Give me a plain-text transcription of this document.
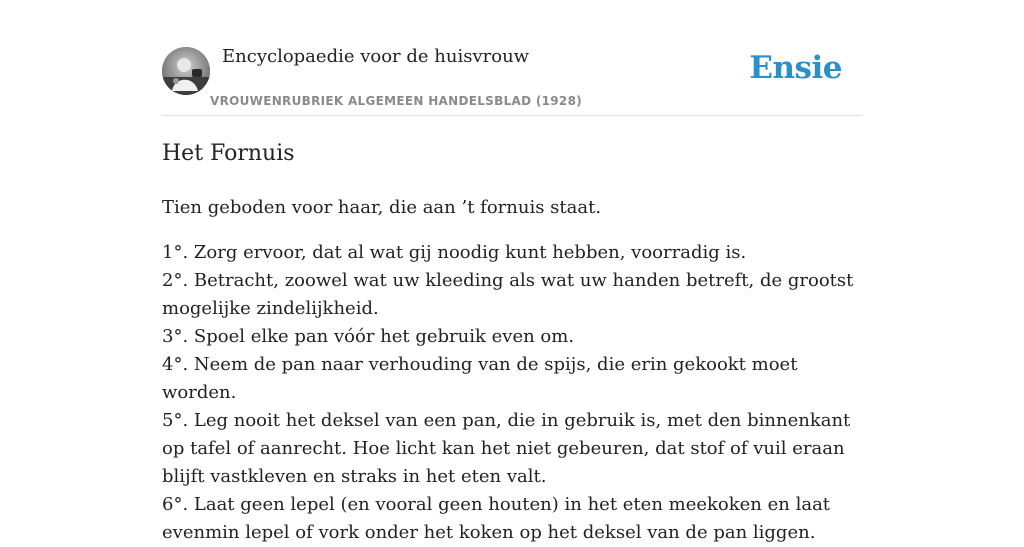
Encyclopaedie voor de huisvrouw
VROUWENRUBRIEK ALGEMEEN HANDELSBLAD (1928)
Ensie
Het Fornuis

Tien geboden voor haar, die aan ’t fornuis staat.

1°. Zorg ervoor, dat al wat gij noodig kunt hebben, voorradig is.
2°. Betracht, zoowel wat uw kleeding als wat uw handen betreft, de grootst mogelijke zindelijkheid.
3°. Spoel elke pan vóór het gebruik even om.
4°. Neem de pan naar verhouding van de spijs, die erin gekookt moet worden.
5°. Leg nooit het deksel van een pan, die in gebruik is, met den binnenkant op tafel of aanrecht. Hoe licht kan het niet gebeuren, dat stof of vuil eraan blijft vastkleven en straks in het eten valt.
6°. Laat geen lepel (en vooral geen houten) in het eten meekoken en laat evenmin lepel of vork onder het koken op het deksel van de pan liggen.
